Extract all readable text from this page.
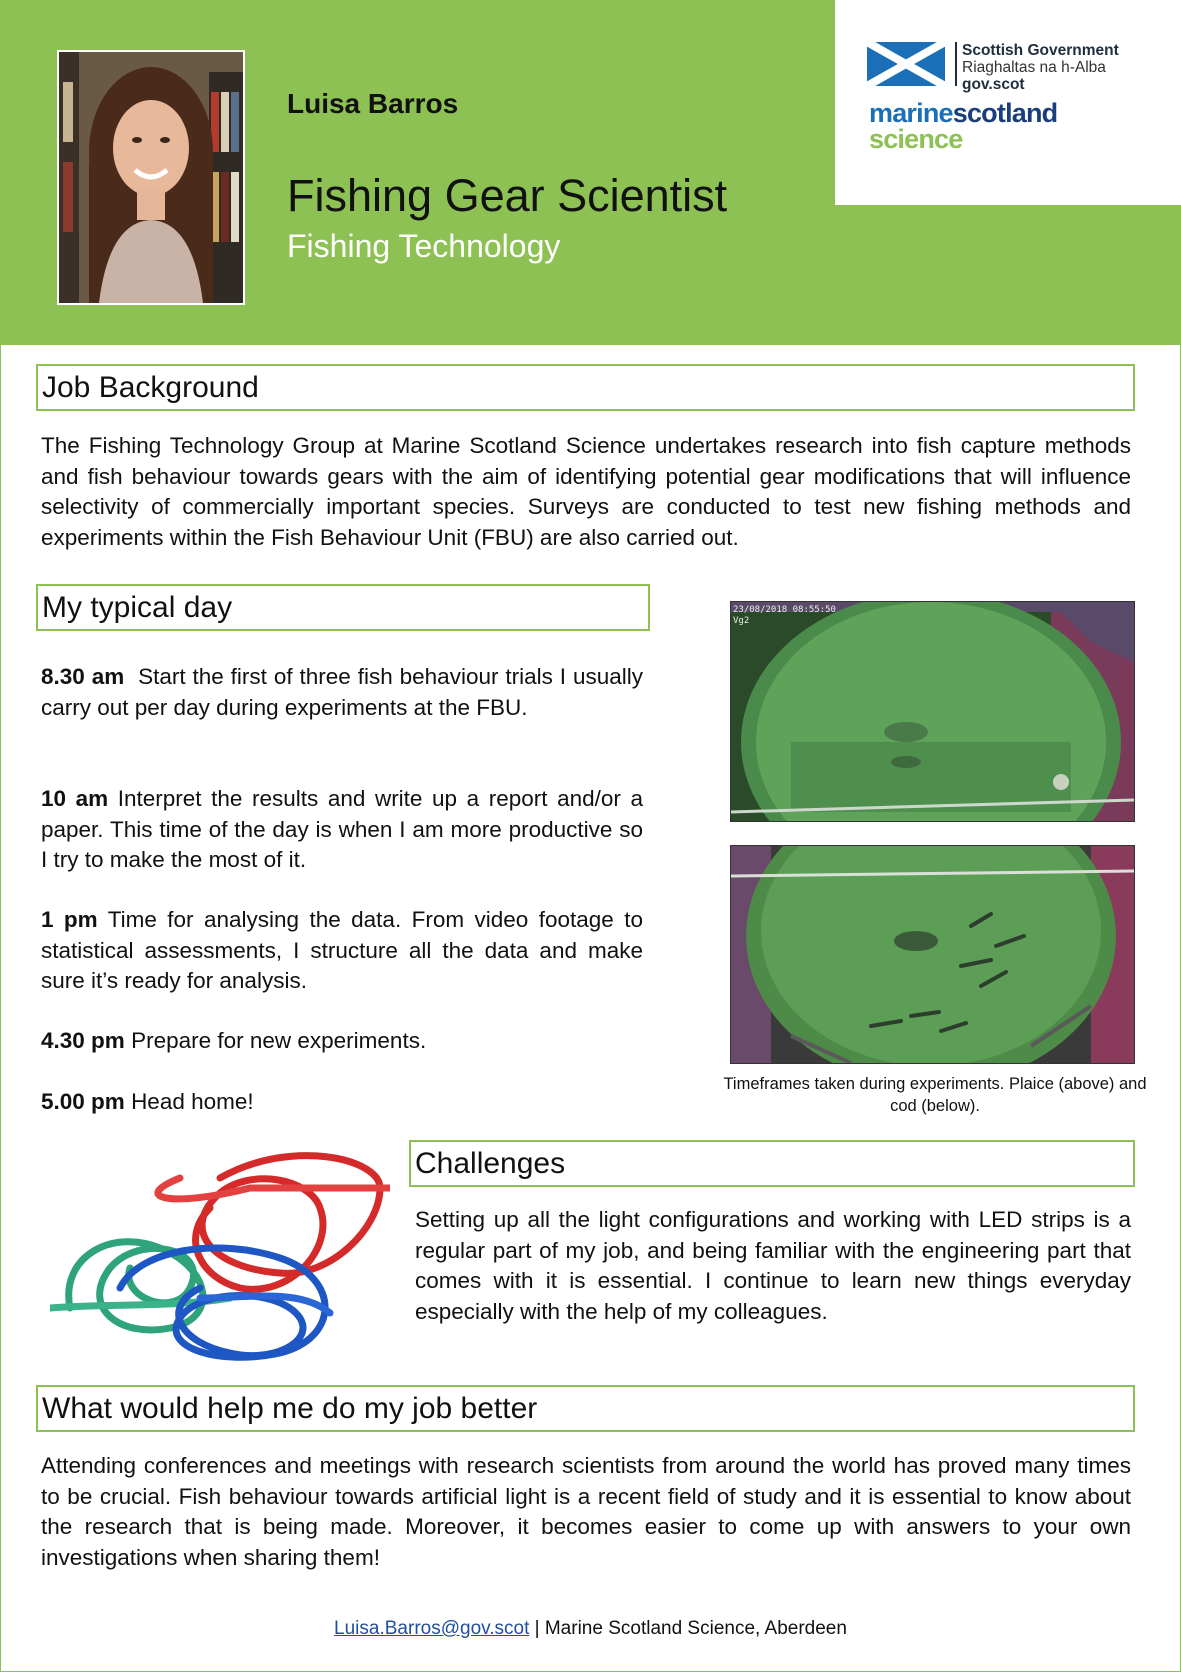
Luisa Barros
Fishing Gear Scientist
Fishing Technology
Scottish Government
Riaghaltas na h-Alba
gov.scot
marinescotland
science
Job Background
The Fishing Technology Group at Marine Scotland Science undertakes research into fish capture methods and fish behaviour towards gears with the aim of identifying potential gear modifications that will influence selectivity of commercially important species. Surveys are conducted to test new fishing methods and experiments within the Fish Behaviour Unit (FBU) are also carried out.
My typical day
8.30 am Start the first of three fish behaviour trials I usually carry out per day during experiments at the FBU.
10 am Interpret the results and write up a report and/or a paper. This time of the day is when I am more productive so I try to make the most of it.
1 pm Time for analysing the data. From video footage to statistical assessments, I structure all the data and make sure it’s ready for analysis.
4.30 pm Prepare for new experiments.
5.00 pm Head home!
23/08/2018 08:55:50
Vg2
Timeframes taken during experiments. Plaice (above) and cod (below).
Challenges
Setting up all the light configurations and working with LED strips is a regular part of my job, and being familiar with the engineering part that comes with it is essential. I continue to learn new things everyday especially with the help of my colleagues.
What would help me do my job better
Attending conferences and meetings with research scientists from around the world has proved many times to be crucial. Fish behaviour towards artificial light is a recent field of study and it is essential to know about the research that is being made. Moreover, it becomes easier to come up with answers to your own investigations when sharing them!
Luisa.Barros@gov.scot | Marine Scotland Science, Aberdeen
